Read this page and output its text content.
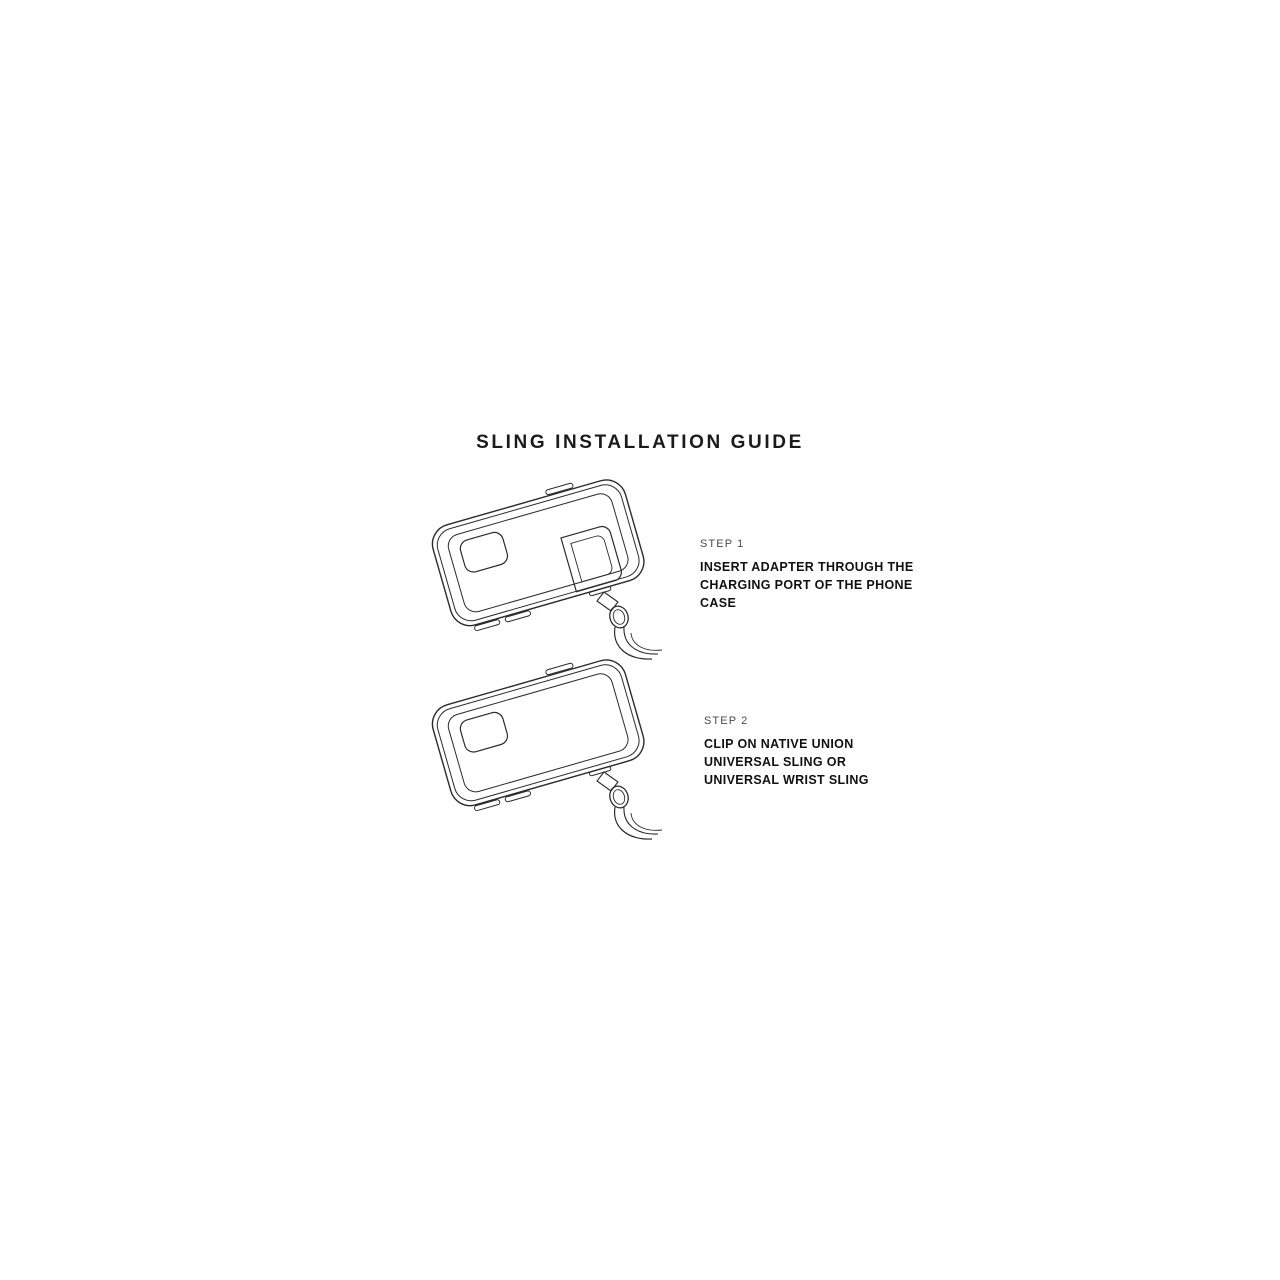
SLING INSTALLATION GUIDE
STEP 1
INSERT ADAPTER THROUGH THE CHARGING PORT OF THE PHONE CASE
STEP 2
CLIP ON NATIVE UNION UNIVERSAL SLING OR UNIVERSAL WRIST SLING
